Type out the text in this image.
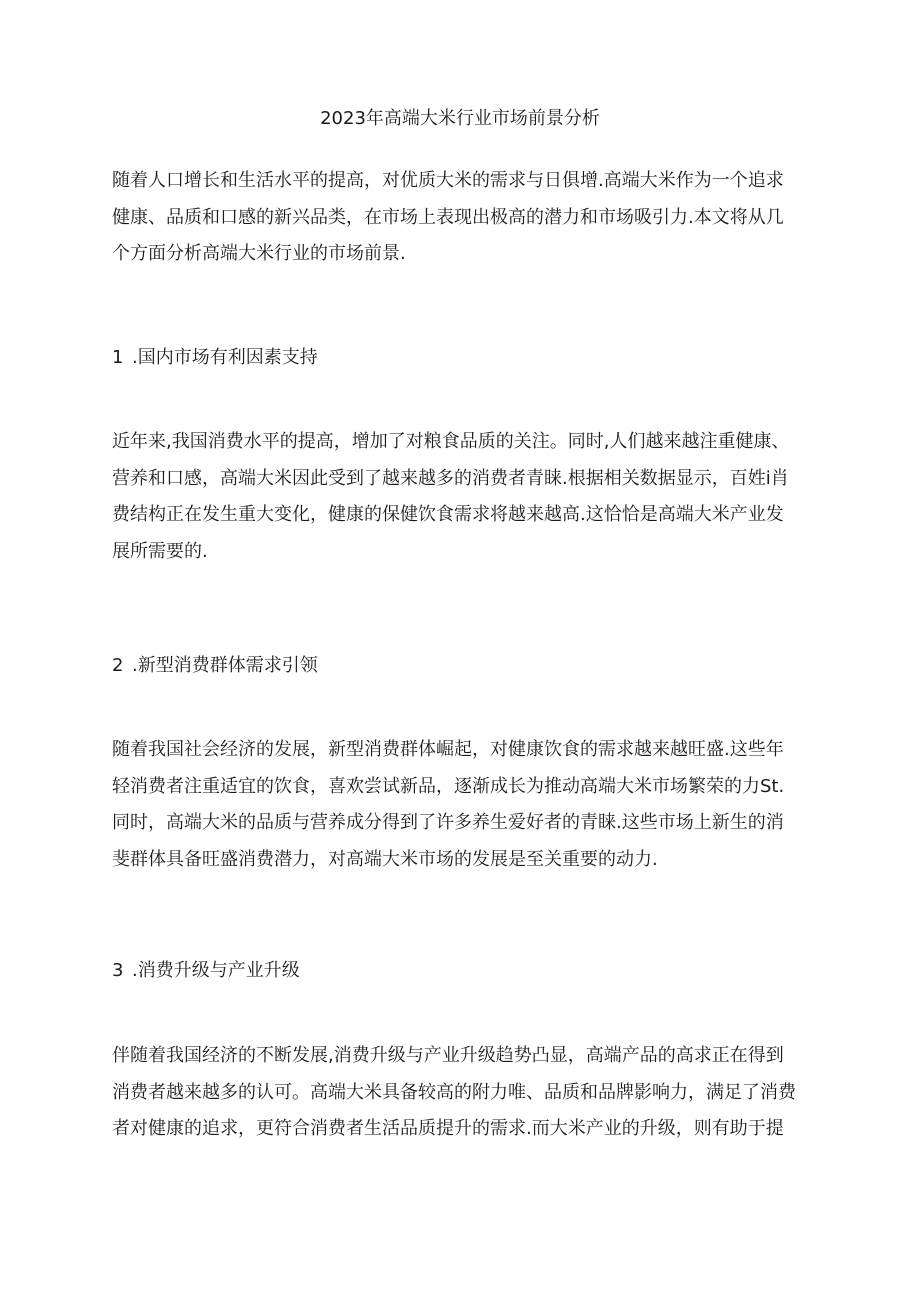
2023年高端大米行业市场前景分析
随着人口增长和生活水平的提高，对优质大米的需求与日俱增.高端大米作为一个追求
健康、品质和口感的新兴品类，在市场上表现出极高的潜力和市场吸引力.本文将从几
个方面分析高端大米行业的市场前景.
1 .国内市场有利因素支持
近年来,我国消费水平的提高，增加了对粮食品质的关注。同时,人们越来越注重健康、
营养和口感，高端大米因此受到了越来越多的消费者青睐.根据相关数据显示，百姓i肖
费结构正在发生重大变化，健康的保健饮食需求将越来越高.这恰恰是高端大米产业发
展所需要的.
2 .新型消费群体需求引领
随着我国社会经济的发展，新型消费群体崛起，对健康饮食的需求越来越旺盛.这些年
轻消费者注重适宜的饮食，喜欢尝试新品，逐渐成长为推动高端大米市场繁荣的力St.
同时，高端大米的品质与营养成分得到了许多养生爱好者的青睐.这些市场上新生的消
斐群体具备旺盛消费潜力，对高端大米市场的发展是至关重要的动力.
3 .消费升级与产业升级
伴随着我国经济的不断发展,消费升级与产业升级趋势凸显，高端产品的高求正在得到
消费者越来越多的认可。高端大米具备较高的附力唯、品质和品牌影响力，满足了消费
者对健康的追求，更符合消费者生活品质提升的需求.而大米产业的升级，则有助于提
